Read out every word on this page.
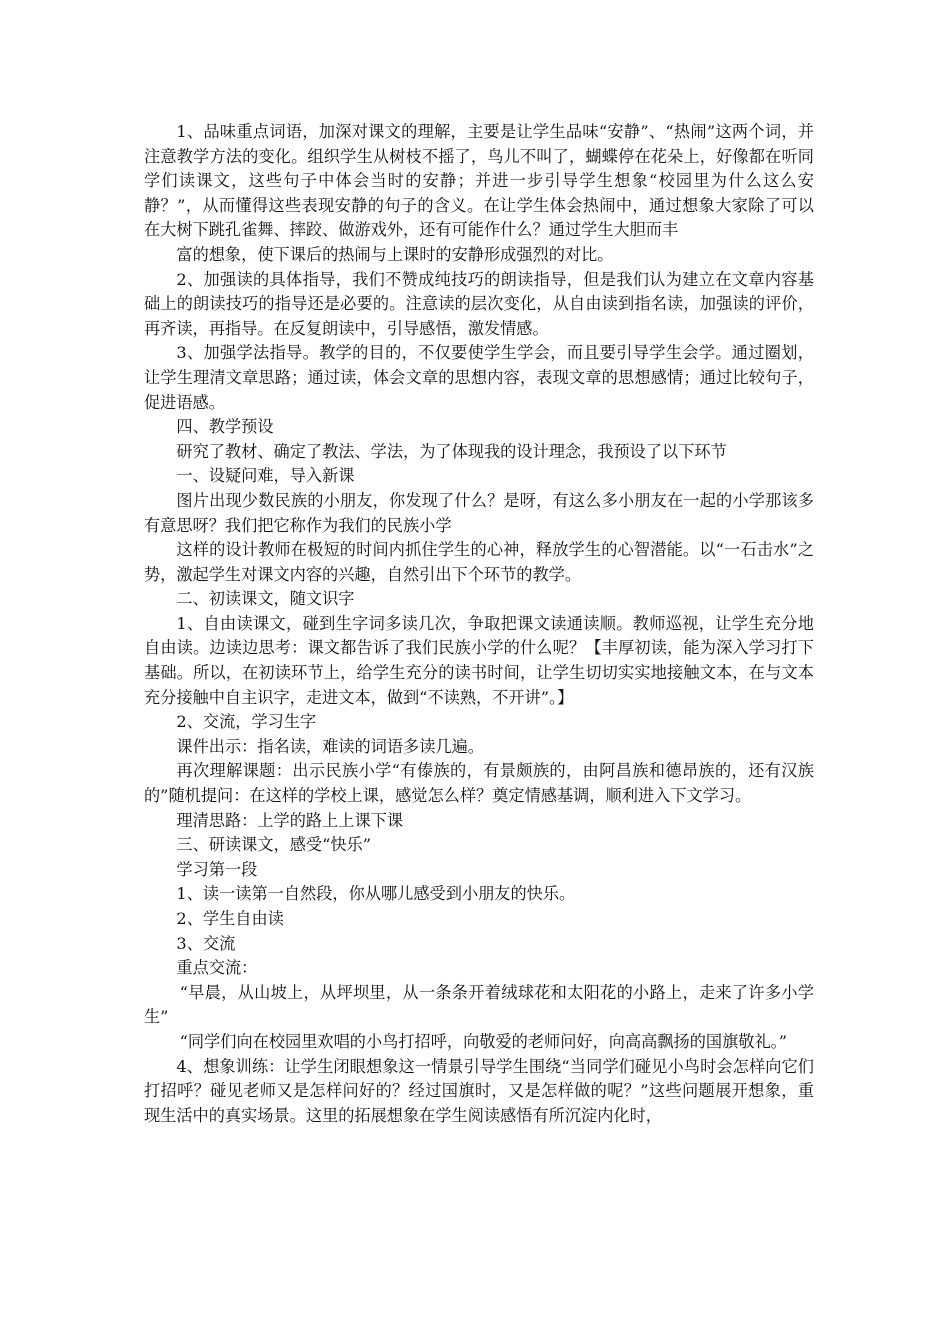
1、品味重点词语，加深对课文的理解，主要是让学生品味“安静”、“热闹”这两个词，并注意教学方法的变化。组织学生从树枝不摇了，鸟儿不叫了，蝴蝶停在花朵上，好像都在听同学们读课文，这些句子中体会当时的安静；并进一步引导学生想象“校园里为什么这么安静？”，从而懂得这些表现安静的句子的含义。在让学生体会热闹中，通过想象大家除了可以在大树下跳孔雀舞、摔跤、做游戏外，还有可能作什么？通过学生大胆而丰

富的想象，使下课后的热闹与上课时的安静形成强烈的对比。

2、加强读的具体指导，我们不赞成纯技巧的朗读指导，但是我们认为建立在文章内容基础上的朗读技巧的指导还是必要的。注意读的层次变化，从自由读到指名读，加强读的评价，再齐读，再指导。在反复朗读中，引导感悟，激发情感。

3、加强学法指导。教学的目的，不仅要使学生学会，而且要引导学生会学。通过圈划，让学生理清文章思路；通过读，体会文章的思想内容，表现文章的思想感情；通过比较句子，促进语感。

四、教学预设

研究了教材、确定了教法、学法，为了体现我的设计理念，我预设了以下环节

一、设疑问难，导入新课

图片出现少数民族的小朋友，你发现了什么？是呀，有这么多小朋友在一起的小学那该多有意思呀？我们把它称作为我们的民族小学

这样的设计教师在极短的时间内抓住学生的心神，释放学生的心智潜能。以“一石击水”之势，激起学生对课文内容的兴趣，自然引出下个环节的教学。

二、初读课文，随文识字

1、自由读课文，碰到生字词多读几次，争取把课文读通读顺。教师巡视，让学生充分地自由读。边读边思考：课文都告诉了我们民族小学的什么呢？【丰厚初读，能为深入学习打下基础。所以，在初读环节上，给学生充分的读书时间，让学生切切实实地接触文本，在与文本充分接触中自主识字，走进文本，做到“不读熟，不开讲”。】

2、交流，学习生字

课件出示：指名读，难读的词语多读几遍。

再次理解课题：出示民族小学“有傣族的，有景颇族的，由阿昌族和德昂族的，还有汉族的”随机提问：在这样的学校上课，感觉怎么样？奠定情感基调，顺利进入下文学习。

理清思路：上学的路上上课下课

三、研读课文，感受“快乐”

学习第一段

1、读一读第一自然段，你从哪儿感受到小朋友的快乐。

2、学生自由读

3、交流

重点交流：

“早晨，从山坡上，从坪坝里，从一条条开着绒球花和太阳花的小路上，走来了许多小学生”

“同学们向在校园里欢唱的小鸟打招呼，向敬爱的老师问好，向高高飘扬的国旗敬礼。”

4、想象训练：让学生闭眼想象这一情景引导学生围绕“当同学们碰见小鸟时会怎样向它们打招呼？碰见老师又是怎样问好的？经过国旗时，又是怎样做的呢？”这些问题展开想象，重现生活中的真实场景。这里的拓展想象在学生阅读感悟有所沉淀内化时，
